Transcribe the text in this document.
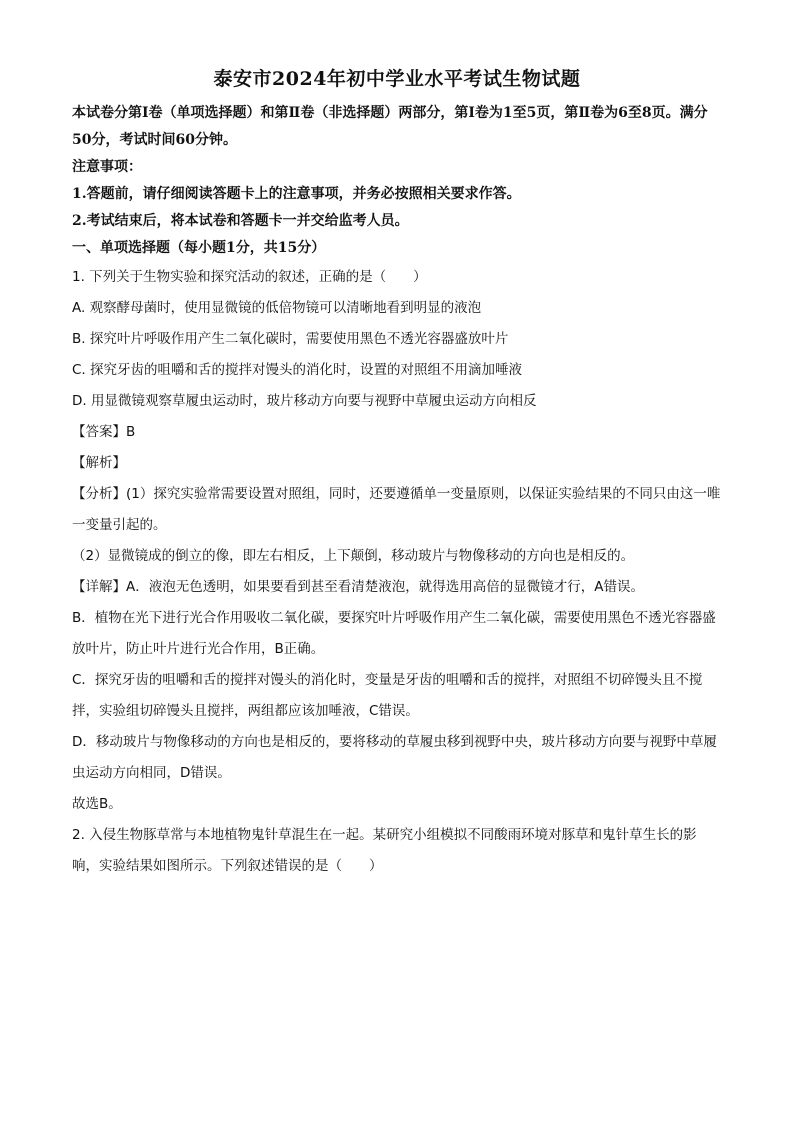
泰安市2024年初中学业水平考试生物试题

本试卷分第Ⅰ卷（单项选择题）和第Ⅱ卷（非选择题）两部分，第Ⅰ卷为1至5页，第Ⅱ卷为6至8页。满分50分，考试时间60分钟。

注意事项：

1.答题前，请仔细阅读答题卡上的注意事项，并务必按照相关要求作答。

2.考试结束后，将本试卷和答题卡一并交给监考人员。

一、单项选择题（每小题1分，共15分）

1. 下列关于生物实验和探究活动的叙述，正确的是（　　）

A. 观察酵母菌时，使用显微镜的低倍物镜可以清晰地看到明显的液泡

B. 探究叶片呼吸作用产生二氧化碳时，需要使用黑色不透光容器盛放叶片

C. 探究牙齿的咀嚼和舌的搅拌对馒头的消化时，设置的对照组不用滴加唾液

D. 用显微镜观察草履虫运动时，玻片移动方向要与视野中草履虫运动方向相反

【答案】B

【解析】

【分析】(1）探究实验常需要设置对照组，同时，还要遵循单一变量原则，以保证实验结果的不同只由这一唯一变量引起的。

（2）显微镜成的倒立的像，即左右相反，上下颠倒，移动玻片与物像移动的方向也是相反的。

【详解】A．液泡无色透明，如果要看到甚至看清楚液泡，就得选用高倍的显微镜才行，A错误。

B．植物在光下进行光合作用吸收二氧化碳，要探究叶片呼吸作用产生二氧化碳，需要使用黑色不透光容器盛放叶片，防止叶片进行光合作用，B正确。

C．探究牙齿的咀嚼和舌的搅拌对馒头的消化时，变量是牙齿的咀嚼和舌的搅拌，对照组不切碎馒头且不搅拌，实验组切碎馒头且搅拌，两组都应该加唾液，C错误。

D．移动玻片与物像移动的方向也是相反的，要将移动的草履虫移到视野中央，玻片移动方向要与视野中草履虫运动方向相同，D错误。

故选B。

2. 入侵生物豚草常与本地植物鬼针草混生在一起。某研究小组模拟不同酸雨环境对豚草和鬼针草生长的影响，实验结果如图所示。下列叙述错误的是（　　）
